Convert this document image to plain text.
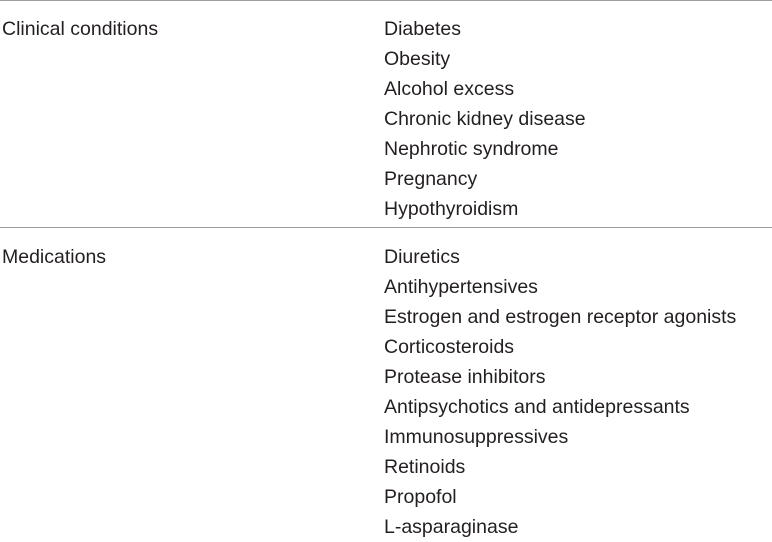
Clinical conditions	Diabetes
Obesity
Alcohol excess
Chronic kidney disease
Nephrotic syndrome
Pregnancy
Hypothyroidism
Medications	Diuretics
Antihypertensives
Estrogen and estrogen receptor agonists
Corticosteroids
Protease inhibitors
Antipsychotics and antidepressants
Immunosuppressives
Retinoids
Propofol
L-asparaginase
